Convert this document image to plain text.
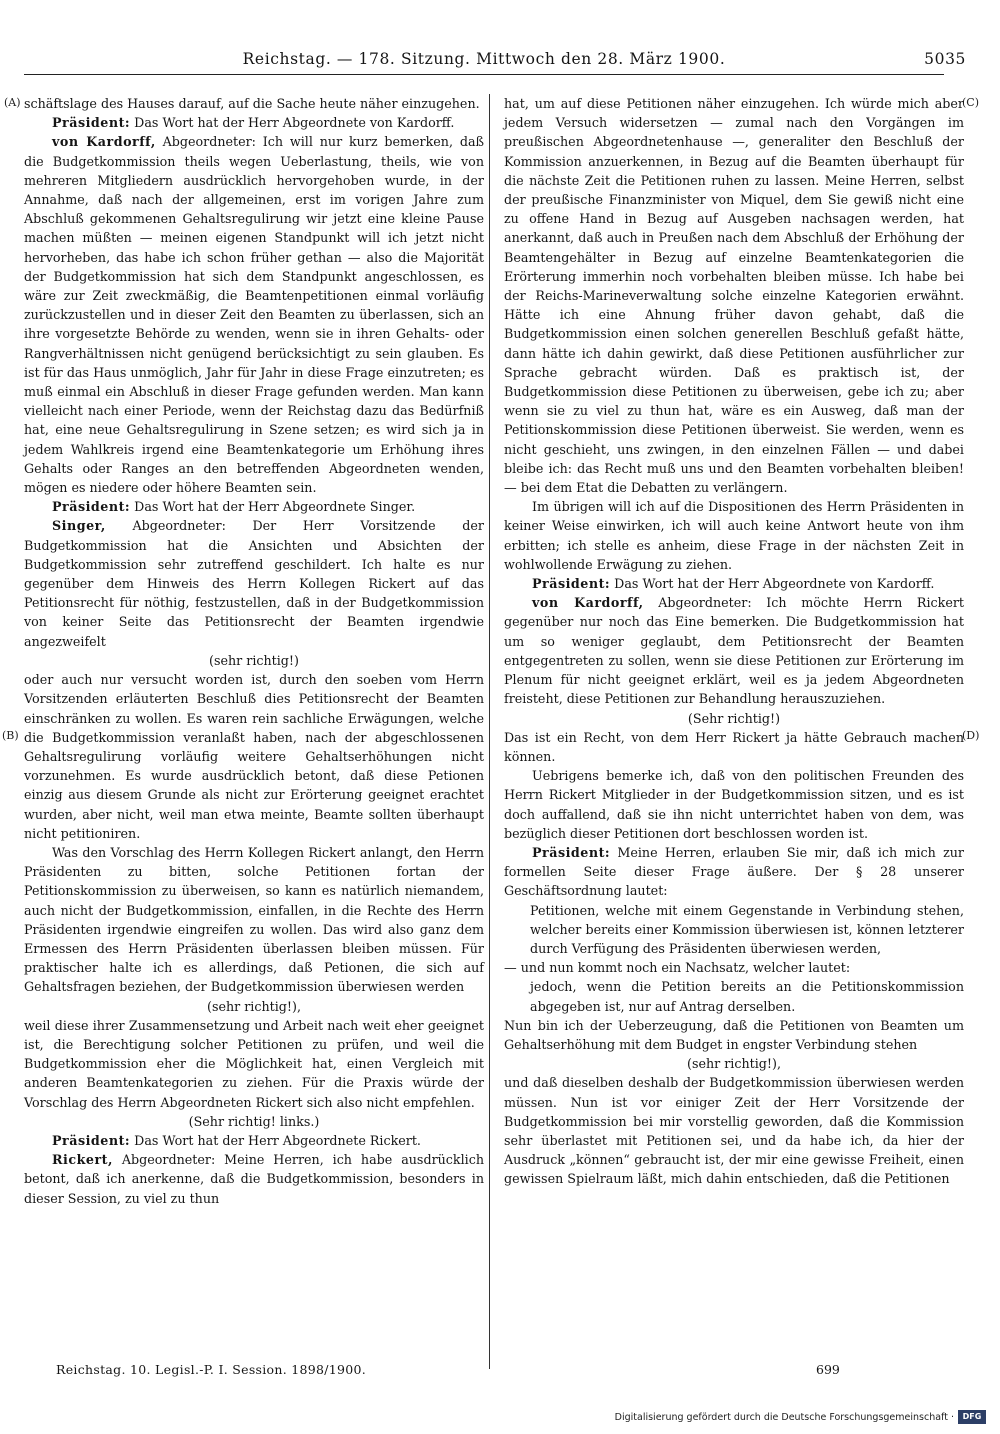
Reichstag. — 178. Sitzung. Mittwoch den 28. März 1900.	5035
(A)
(B)
(C)
(D)

schäftslage des Hauses darauf, auf die Sache heute näher einzugehen.

Präsident: Das Wort hat der Herr Abgeordnete von Kardorff.

von Kardorff, Abgeordneter: Ich will nur kurz bemerken, daß die Budgetkommission theils wegen Ueberlastung, theils, wie von mehreren Mitgliedern ausdrücklich hervorgehoben wurde, in der Annahme, daß nach der allgemeinen, erst im vorigen Jahre zum Abschluß gekommenen Gehaltsregulirung wir jetzt eine kleine Pause machen müßten — meinen eigenen Standpunkt will ich jetzt nicht hervorheben, das habe ich schon früher gethan — also die Majorität der Budgetkommission hat sich dem Standpunkt angeschlossen, es wäre zur Zeit zweckmäßig, die Beamtenpetitionen einmal vorläufig zurückzustellen und in dieser Zeit den Beamten zu überlassen, sich an ihre vorgesetzte Behörde zu wenden, wenn sie in ihren Gehalts- oder Rangverhältnissen nicht genügend berücksichtigt zu sein glauben. Es ist für das Haus unmöglich, Jahr für Jahr in diese Frage einzutreten; es muß einmal ein Abschluß in dieser Frage gefunden werden. Man kann vielleicht nach einer Periode, wenn der Reichstag dazu das Bedürfniß hat, eine neue Gehaltsregulirung in Szene setzen; es wird sich ja in jedem Wahlkreis irgend eine Beamtenkategorie um Erhöhung ihres Gehalts oder Ranges an den betreffenden Abgeordneten wenden, mögen es niedere oder höhere Beamten sein.

Präsident: Das Wort hat der Herr Abgeordnete Singer.

Singer, Abgeordneter: Der Herr Vorsitzende der Budgetkommission hat die Ansichten und Absichten der Budgetkommission sehr zutreffend geschildert. Ich halte es nur gegenüber dem Hinweis des Herrn Kollegen Rickert auf das Petitionsrecht für nöthig, festzustellen, daß in der Budgetkommission von keiner Seite das Petitionsrecht der Beamten irgendwie angezweifelt

(sehr richtig!)

oder auch nur versucht worden ist, durch den soeben vom Herrn Vorsitzenden erläuterten Beschluß dies Petitionsrecht der Beamten einschränken zu wollen. Es waren rein sachliche Erwägungen, welche die Budgetkommission veranlaßt haben, nach der abgeschlossenen Gehaltsregulirung vorläufig weitere Gehaltserhöhungen nicht vorzunehmen. Es wurde ausdrücklich betont, daß diese Petionen einzig aus diesem Grunde als nicht zur Erörterung geeignet erachtet wurden, aber nicht, weil man etwa meinte, Beamte sollten überhaupt nicht petitioniren.

Was den Vorschlag des Herrn Kollegen Rickert anlangt, den Herrn Präsidenten zu bitten, solche Petitionen fortan der Petitionskommission zu überweisen, so kann es natürlich niemandem, auch nicht der Budgetkommission, einfallen, in die Rechte des Herrn Präsidenten irgendwie eingreifen zu wollen. Das wird also ganz dem Ermessen des Herrn Präsidenten überlassen bleiben müssen. Für praktischer halte ich es allerdings, daß Petionen, die sich auf Gehaltsfragen beziehen, der Budgetkommission überwiesen werden

(sehr richtig!),

weil diese ihrer Zusammensetzung und Arbeit nach weit eher geeignet ist, die Berechtigung solcher Petitionen zu prüfen, und weil die Budgetkommission eher die Möglichkeit hat, einen Vergleich mit anderen Beamtenkategorien zu ziehen. Für die Praxis würde der Vorschlag des Herrn Abgeordneten Rickert sich also nicht empfehlen.

(Sehr richtig! links.)

Präsident: Das Wort hat der Herr Abgeordnete Rickert.

Rickert, Abgeordneter: Meine Herren, ich habe ausdrücklich betont, daß ich anerkenne, daß die Budgetkommission, besonders in dieser Session, zu viel zu thun

hat, um auf diese Petitionen näher einzugehen. Ich würde mich aber jedem Versuch widersetzen — zumal nach den Vorgängen im preußischen Abgeordnetenhause —, generaliter den Beschluß der Kommission anzuerkennen, in Bezug auf die Beamten überhaupt für die nächste Zeit die Petitionen ruhen zu lassen. Meine Herren, selbst der preußische Finanzminister von Miquel, dem Sie gewiß nicht eine zu offene Hand in Bezug auf Ausgeben nachsagen werden, hat anerkannt, daß auch in Preußen nach dem Abschluß der Erhöhung der Beamtengehälter in Bezug auf einzelne Beamtenkategorien die Erörterung immerhin noch vorbehalten bleiben müsse. Ich habe bei der Reichs-Marineverwaltung solche einzelne Kategorien erwähnt. Hätte ich eine Ahnung früher davon gehabt, daß die Budgetkommission einen solchen generellen Beschluß gefaßt hätte, dann hätte ich dahin gewirkt, daß diese Petitionen ausführlicher zur Sprache gebracht würden. Daß es praktisch ist, der Budgetkommission diese Petitionen zu überweisen, gebe ich zu; aber wenn sie zu viel zu thun hat, wäre es ein Ausweg, daß man der Petitionskommission diese Petitionen überweist. Sie werden, wenn es nicht geschieht, uns zwingen, in den einzelnen Fällen — und dabei bleibe ich: das Recht muß uns und den Beamten vorbehalten bleiben! — bei dem Etat die Debatten zu verlängern.

Im übrigen will ich auf die Dispositionen des Herrn Präsidenten in keiner Weise einwirken, ich will auch keine Antwort heute von ihm erbitten; ich stelle es anheim, diese Frage in der nächsten Zeit in wohlwollende Erwägung zu ziehen.

Präsident: Das Wort hat der Herr Abgeordnete von Kardorff.

von Kardorff, Abgeordneter: Ich möchte Herrn Rickert gegenüber nur noch das Eine bemerken. Die Budgetkommission hat um so weniger geglaubt, dem Petitionsrecht der Beamten entgegentreten zu sollen, wenn sie diese Petitionen zur Erörterung im Plenum für nicht geeignet erklärt, weil es ja jedem Abgeordneten freisteht, diese Petitionen zur Behandlung herauszuziehen.

(Sehr richtig!)

Das ist ein Recht, von dem Herr Rickert ja hätte Gebrauch machen können.

Uebrigens bemerke ich, daß von den politischen Freunden des Herrn Rickert Mitglieder in der Budgetkommission sitzen, und es ist doch auffallend, daß sie ihn nicht unterrichtet haben von dem, was bezüglich dieser Petitionen dort beschlossen worden ist.

Präsident: Meine Herren, erlauben Sie mir, daß ich mich zur formellen Seite dieser Frage äußere. Der § 28 unserer Geschäftsordnung lautet:

Petitionen, welche mit einem Gegenstande in Verbindung stehen, welcher bereits einer Kommission überwiesen ist, können letzterer durch Verfügung des Präsidenten überwiesen werden,

— und nun kommt noch ein Nachsatz, welcher lautet:

jedoch, wenn die Petition bereits an die Petitionskommission abgegeben ist, nur auf Antrag derselben.

Nun bin ich der Ueberzeugung, daß die Petitionen von Beamten um Gehaltserhöhung mit dem Budget in engster Verbindung stehen

(sehr richtig!),

und daß dieselben deshalb der Budgetkommission überwiesen werden müssen. Nun ist vor einiger Zeit der Herr Vorsitzende der Budgetkommission bei mir vorstellig geworden, daß die Kommission sehr überlastet mit Petitionen sei, und da habe ich, da hier der Ausdruck „können“ gebraucht ist, der mir eine gewisse Freiheit, einen gewissen Spielraum läßt, mich dahin entschieden, daß die Petitionen

Reichstag. 10. Legisl.-P. I. Session. 1898/1900.	699
Digitalisierung gefördert durch die Deutsche Forschungsgemeinschaft ·	DFG
